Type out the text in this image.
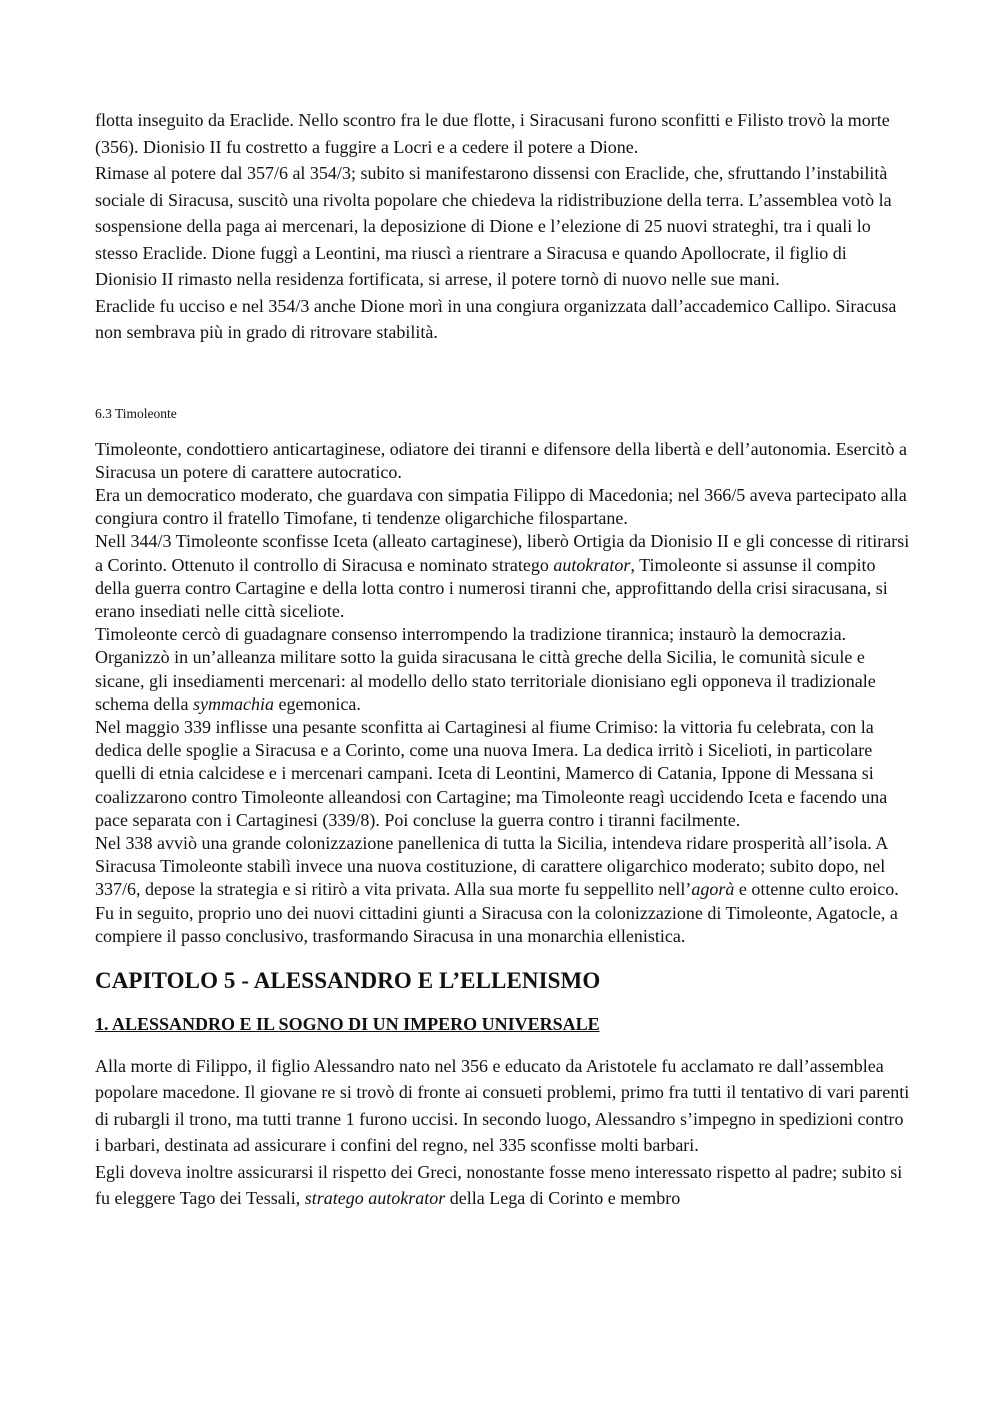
flotta inseguito da Eraclide. Nello scontro fra le due flotte, i Siracusani furono sconfitti e Filisto trovò la morte (356). Dionisio II fu costretto a fuggire a Locri e a cedere il potere a Dione.

Rimase al potere dal 357/6 al 354/3; subito si manifestarono dissensi con Eraclide, che, sfruttando l’instabilità sociale di Siracusa, suscitò una rivolta popolare che chiedeva la ridistribuzione della terra. L’assemblea votò la sospensione della paga ai mercenari, la deposizione di Dione e l’elezione di 25 nuovi strateghi, tra i quali lo stesso Eraclide. Dione fuggì a Leontini, ma riuscì a rientrare a Siracusa e quando Apollocrate, il figlio di Dionisio II rimasto nella residenza fortificata, si arrese, il potere tornò di nuovo nelle sue mani.

Eraclide fu ucciso e nel 354/3 anche Dione morì in una congiura organizzata dall’accademico Callipo. Siracusa non sembrava più in grado di ritrovare stabilità.

6.3 Timoleonte

Timoleonte, condottiero anticartaginese, odiatore dei tiranni e difensore della libertà e dell’autonomia. Esercitò a Siracusa un potere di carattere autocratico.

Era un democratico moderato, che guardava con simpatia Filippo di Macedonia; nel 366/5 aveva partecipato alla congiura contro il fratello Timofane, ti tendenze oligarchiche filospartane.

Nell 344/3 Timoleonte sconfisse Iceta (alleato cartaginese), liberò Ortigia da Dionisio II e gli concesse di ritirarsi a Corinto. Ottenuto il controllo di Siracusa e nominato stratego autokrator, Timoleonte si assunse il compito della guerra contro Cartagine e della lotta contro i numerosi tiranni che, approfittando della crisi siracusana, si erano insediati nelle città siceliote.

Timoleonte cercò di guadagnare consenso interrompendo la tradizione tirannica; instaurò la democrazia. Organizzò in un’alleanza militare sotto la guida siracusana le città greche della Sicilia, le comunità sicule e sicane, gli insediamenti mercenari: al modello dello stato territoriale dionisiano egli opponeva il tradizionale schema della symmachia egemonica.

Nel maggio 339 inflisse una pesante sconfitta ai Cartaginesi al fiume Crimiso: la vittoria fu celebrata, con la dedica delle spoglie a Siracusa e a Corinto, come una nuova Imera. La dedica irritò i Sicelioti, in particolare quelli di etnia calcidese e i mercenari campani. Iceta di Leontini, Mamerco di Catania, Ippone di Messana si coalizzarono contro Timoleonte alleandosi con Cartagine; ma Timoleonte reagì uccidendo Iceta e facendo una pace separata con i Cartaginesi (339/8). Poi concluse la guerra contro i tiranni facilmente.

Nel 338 avviò una grande colonizzazione panellenica di tutta la Sicilia, intendeva ridare prosperità all’isola. A Siracusa Timoleonte stabilì invece una nuova costituzione, di carattere oligarchico moderato; subito dopo, nel 337/6, depose la strategia e si ritirò a vita privata. Alla sua morte fu seppellito nell’agorà e ottenne culto eroico.

Fu in seguito, proprio uno dei nuovi cittadini giunti a Siracusa con la colonizzazione di Timoleonte, Agatocle, a compiere il passo conclusivo, trasformando Siracusa in una monarchia ellenistica.

CAPITOLO 5 - ALESSANDRO E L’ELLENISMO
1. ALESSANDRO E IL SOGNO DI UN IMPERO UNIVERSALE

Alla morte di Filippo, il figlio Alessandro nato nel 356 e educato da Aristotele fu acclamato re dall’assemblea popolare macedone. Il giovane re si trovò di fronte ai consueti problemi, primo fra tutti il tentativo di vari parenti di rubargli il trono, ma tutti tranne 1 furono uccisi. In secondo luogo, Alessandro s’impegno in spedizioni contro i barbari, destinata ad assicurare i confini del regno, nel 335 sconfisse molti barbari.

Egli doveva inoltre assicurarsi il rispetto dei Greci, nonostante fosse meno interessato rispetto al padre; subito si fu eleggere Tago dei Tessali, stratego autokrator della Lega di Corinto e membro
